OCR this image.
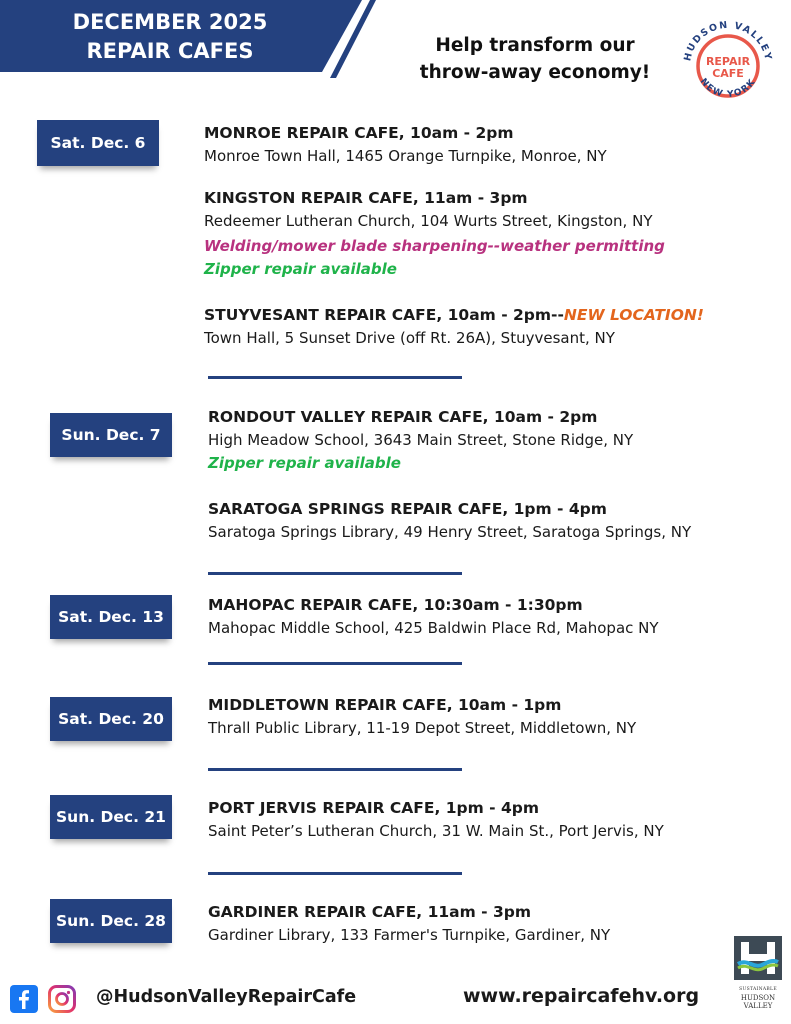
DECEMBER 2025
REPAIR CAFES	Help transform our
throw-away economy!
HUDSON VALLEY
NEW YORK
REPAIR
CAFE
Sat. Dec. 6
MONROE REPAIR CAFE, 10am - 2pm
Monroe Town Hall, 1465 Orange Turnpike, Monroe, NY
KINGSTON REPAIR CAFE, 11am - 3pm
Redeemer Lutheran Church, 104 Wurts Street, Kingston, NY
Welding/mower blade sharpening--weather permitting
Zipper repair available
STUYVESANT REPAIR CAFE, 10am - 2pm--NEW LOCATION!
Town Hall, 5 Sunset Drive (off Rt. 26A), Stuyvesant, NY
Sun. Dec. 7
RONDOUT VALLEY REPAIR CAFE, 10am - 2pm
High Meadow School, 3643 Main Street, Stone Ridge, NY
Zipper repair available
SARATOGA SPRINGS REPAIR CAFE, 1pm - 4pm
Saratoga Springs Library, 49 Henry Street, Saratoga Springs, NY
Sat. Dec. 13
MAHOPAC REPAIR CAFE, 10:30am - 1:30pm
Mahopac Middle School, 425 Baldwin Place Rd, Mahopac NY
Sat. Dec. 20
MIDDLETOWN REPAIR CAFE, 10am - 1pm
Thrall Public Library, 11-19 Depot Street, Middletown, NY
Sun. Dec. 21	PORT JERVIS REPAIR CAFE, 1pm - 4pm
Saint Peter’s Lutheran Church, 31 W. Main St., Port Jervis, NY
Sun. Dec. 28	GARDINER REPAIR CAFE, 11am - 3pm
Gardiner Library, 133 Farmer's Turnpike, Gardiner, NY
@HudsonValleyRepairCafe	www.repaircafehv.org	SUSTAINABLE
HUDSON
VALLEY
